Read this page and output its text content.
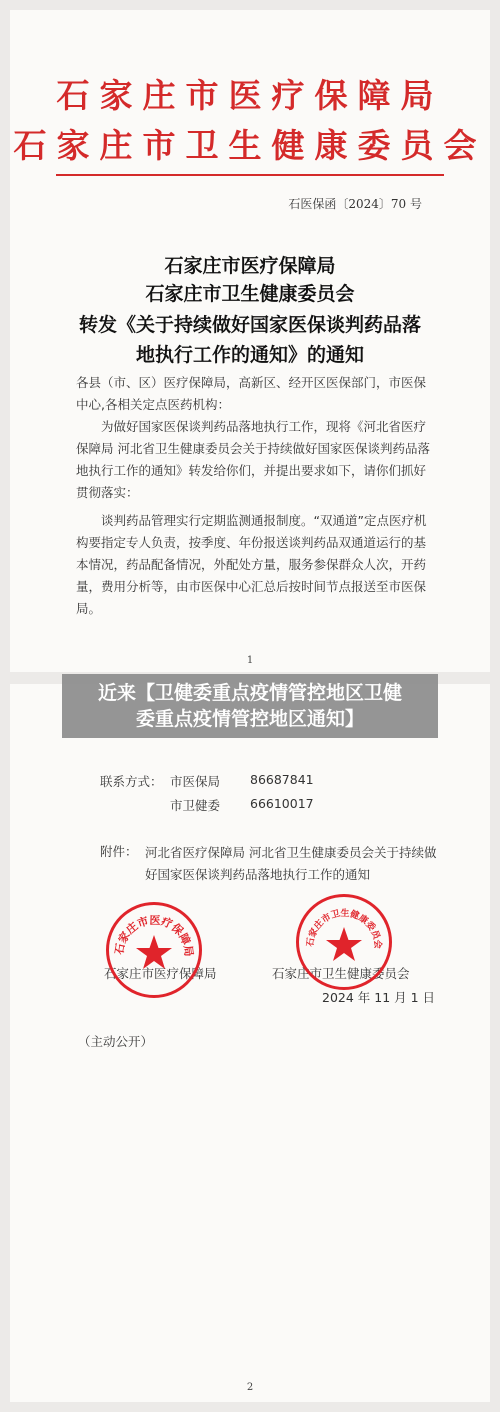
石家庄市医疗保障局
石家庄市卫生健康委员会
石医保函〔2024〕70 号
石家庄市医疗保障局
石家庄市卫生健康委员会
转发《关于持续做好国家医保谈判药品落
地执行工作的通知》的通知
各县（市、区）医疗保障局，高新区、经开区医保部门，市医保中心,各相关定点医药机构：
为做好国家医保谈判药品落地执行工作，现将《河北省医疗保障局 河北省卫生健康委员会关于持续做好国家医保谈判药品落地执行工作的通知》转发给你们，并提出要求如下，请你们抓好贯彻落实：
谈判药品管理实行定期监测通报制度。“双通道”定点医疗机构要指定专人负责，按季度、年份报送谈判药品双通道运行的基本情况，药品配备情况，外配处方量，服务参保群众人次，开药量，费用分析等，由市医保中心汇总后按时间节点报送至市医保局。
1
近来【卫健委重点疫情管控地区卫健
委重点疫情管控地区通知】
联系方式： 市医保局 86687841
市卫健委 66610017
附件： 河北省医疗保障局 河北省卫生健康委员会关于持续做好国家医保谈判药品落地执行工作的通知
石家庄市医疗保障局
石家庄市卫生健康委员会
石家庄市医疗保障局	石家庄市卫生健康委员会
2024 年 11 月 1 日
（主动公开）
2
